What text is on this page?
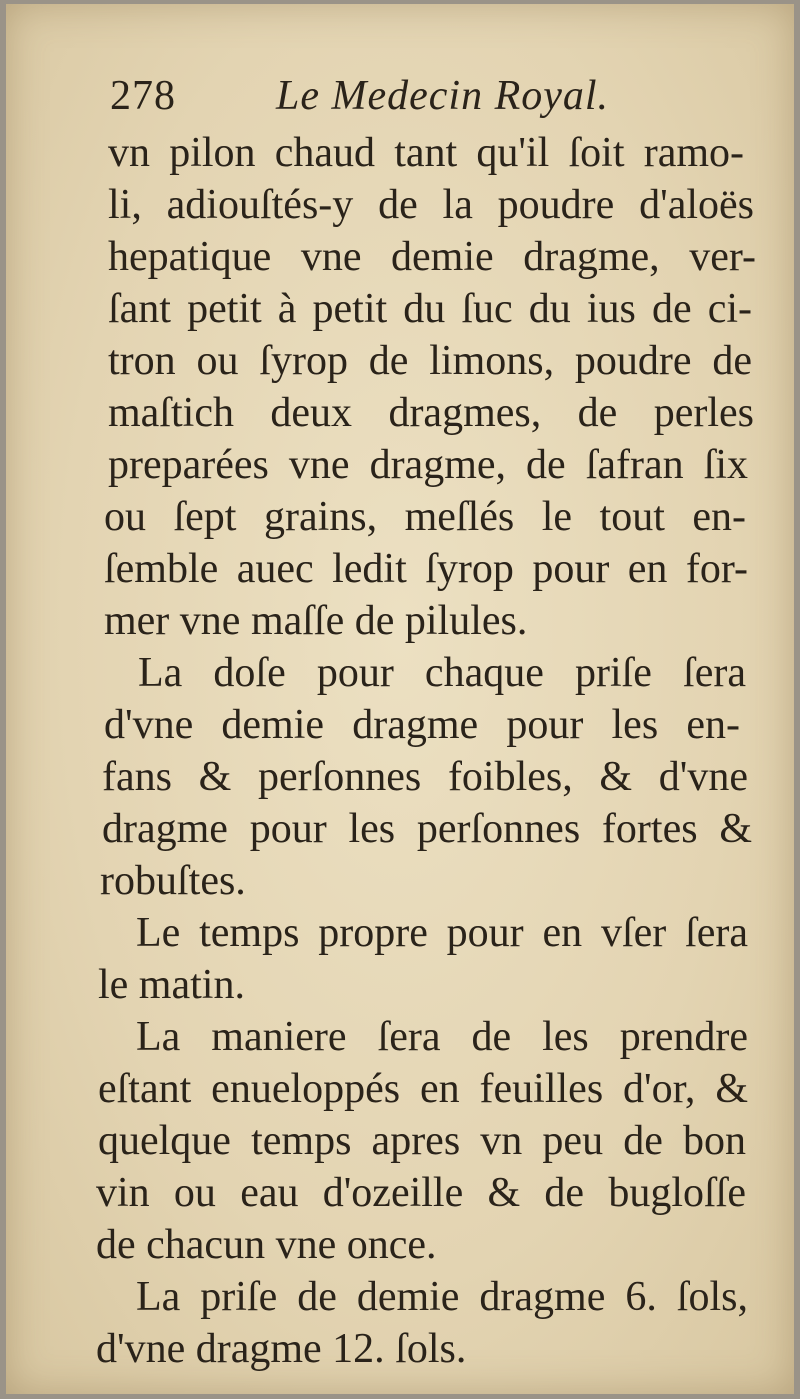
278 Le Medecin Royal.
vn pilon chaud tant qu'il ſoit ramo-
li, adiouſtés-y de la poudre d'aloës
hepatique vne demie dragme, ver-
ſant petit à petit du ſuc du ius de ci-
tron ou ſyrop de limons, poudre de
maſtich deux dragmes, de perles
preparées vne dragme, de ſafran ſix
ou ſept grains, meſlés le tout en-
ſemble auec ledit ſyrop pour en for-
mer vne maſſe de pilules.
La doſe pour chaque priſe ſera
d'vne demie dragme pour les en-
fans & perſonnes foibles, & d'vne
dragme pour les perſonnes fortes &
robuſtes.
Le temps propre pour en vſer ſera
le matin.
La maniere ſera de les prendre
eſtant enueloppés en feuilles d'or, &
quelque temps apres vn peu de bon
vin ou eau d'ozeille & de bugloſſe
de chacun vne once.
La priſe de demie dragme 6. ſols,
d'vne dragme 12. ſols.
